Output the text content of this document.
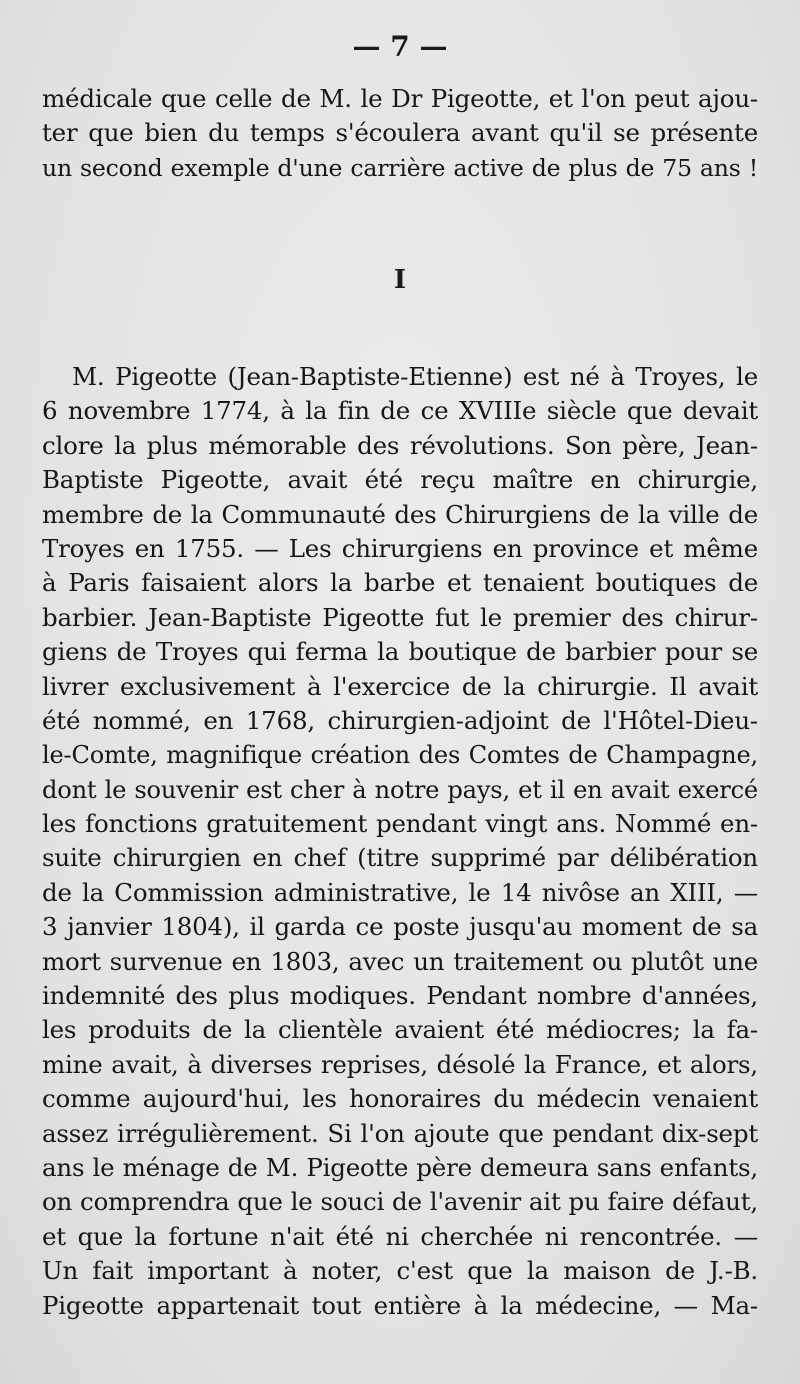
— 7 —
médicale que celle de M. le Dr Pigeotte, et l'on peut ajou-
ter que bien du temps s'écoulera avant qu'il se présente
un second exemple d'une carrière active de plus de 75 ans !
I
M. Pigeotte (Jean-Baptiste-Etienne) est né à Troyes, le
6 novembre 1774, à la fin de ce XVIIIe siècle que devait
clore la plus mémorable des révolutions. Son père, Jean-
Baptiste Pigeotte, avait été reçu maître en chirurgie,
membre de la Communauté des Chirurgiens de la ville de
Troyes en 1755. — Les chirurgiens en province et même
à Paris faisaient alors la barbe et tenaient boutiques de
barbier. Jean-Baptiste Pigeotte fut le premier des chirur-
giens de Troyes qui ferma la boutique de barbier pour se
livrer exclusivement à l'exercice de la chirurgie. Il avait
été nommé, en 1768, chirurgien-adjoint de l'Hôtel-Dieu-
le-Comte, magnifique création des Comtes de Champagne,
dont le souvenir est cher à notre pays, et il en avait exercé
les fonctions gratuitement pendant vingt ans. Nommé en-
suite chirurgien en chef (titre supprimé par délibération
de la Commission administrative, le 14 nivôse an XIII, —
3 janvier 1804), il garda ce poste jusqu'au moment de sa
mort survenue en 1803, avec un traitement ou plutôt une
indemnité des plus modiques. Pendant nombre d'années,
les produits de la clientèle avaient été médiocres; la fa-
mine avait, à diverses reprises, désolé la France, et alors,
comme aujourd'hui, les honoraires du médecin venaient
assez irrégulièrement. Si l'on ajoute que pendant dix-sept
ans le ménage de M. Pigeotte père demeura sans enfants,
on comprendra que le souci de l'avenir ait pu faire défaut,
et que la fortune n'ait été ni cherchée ni rencontrée. —
Un fait important à noter, c'est que la maison de J.-B.
Pigeotte appartenait tout entière à la médecine, — Ma-
